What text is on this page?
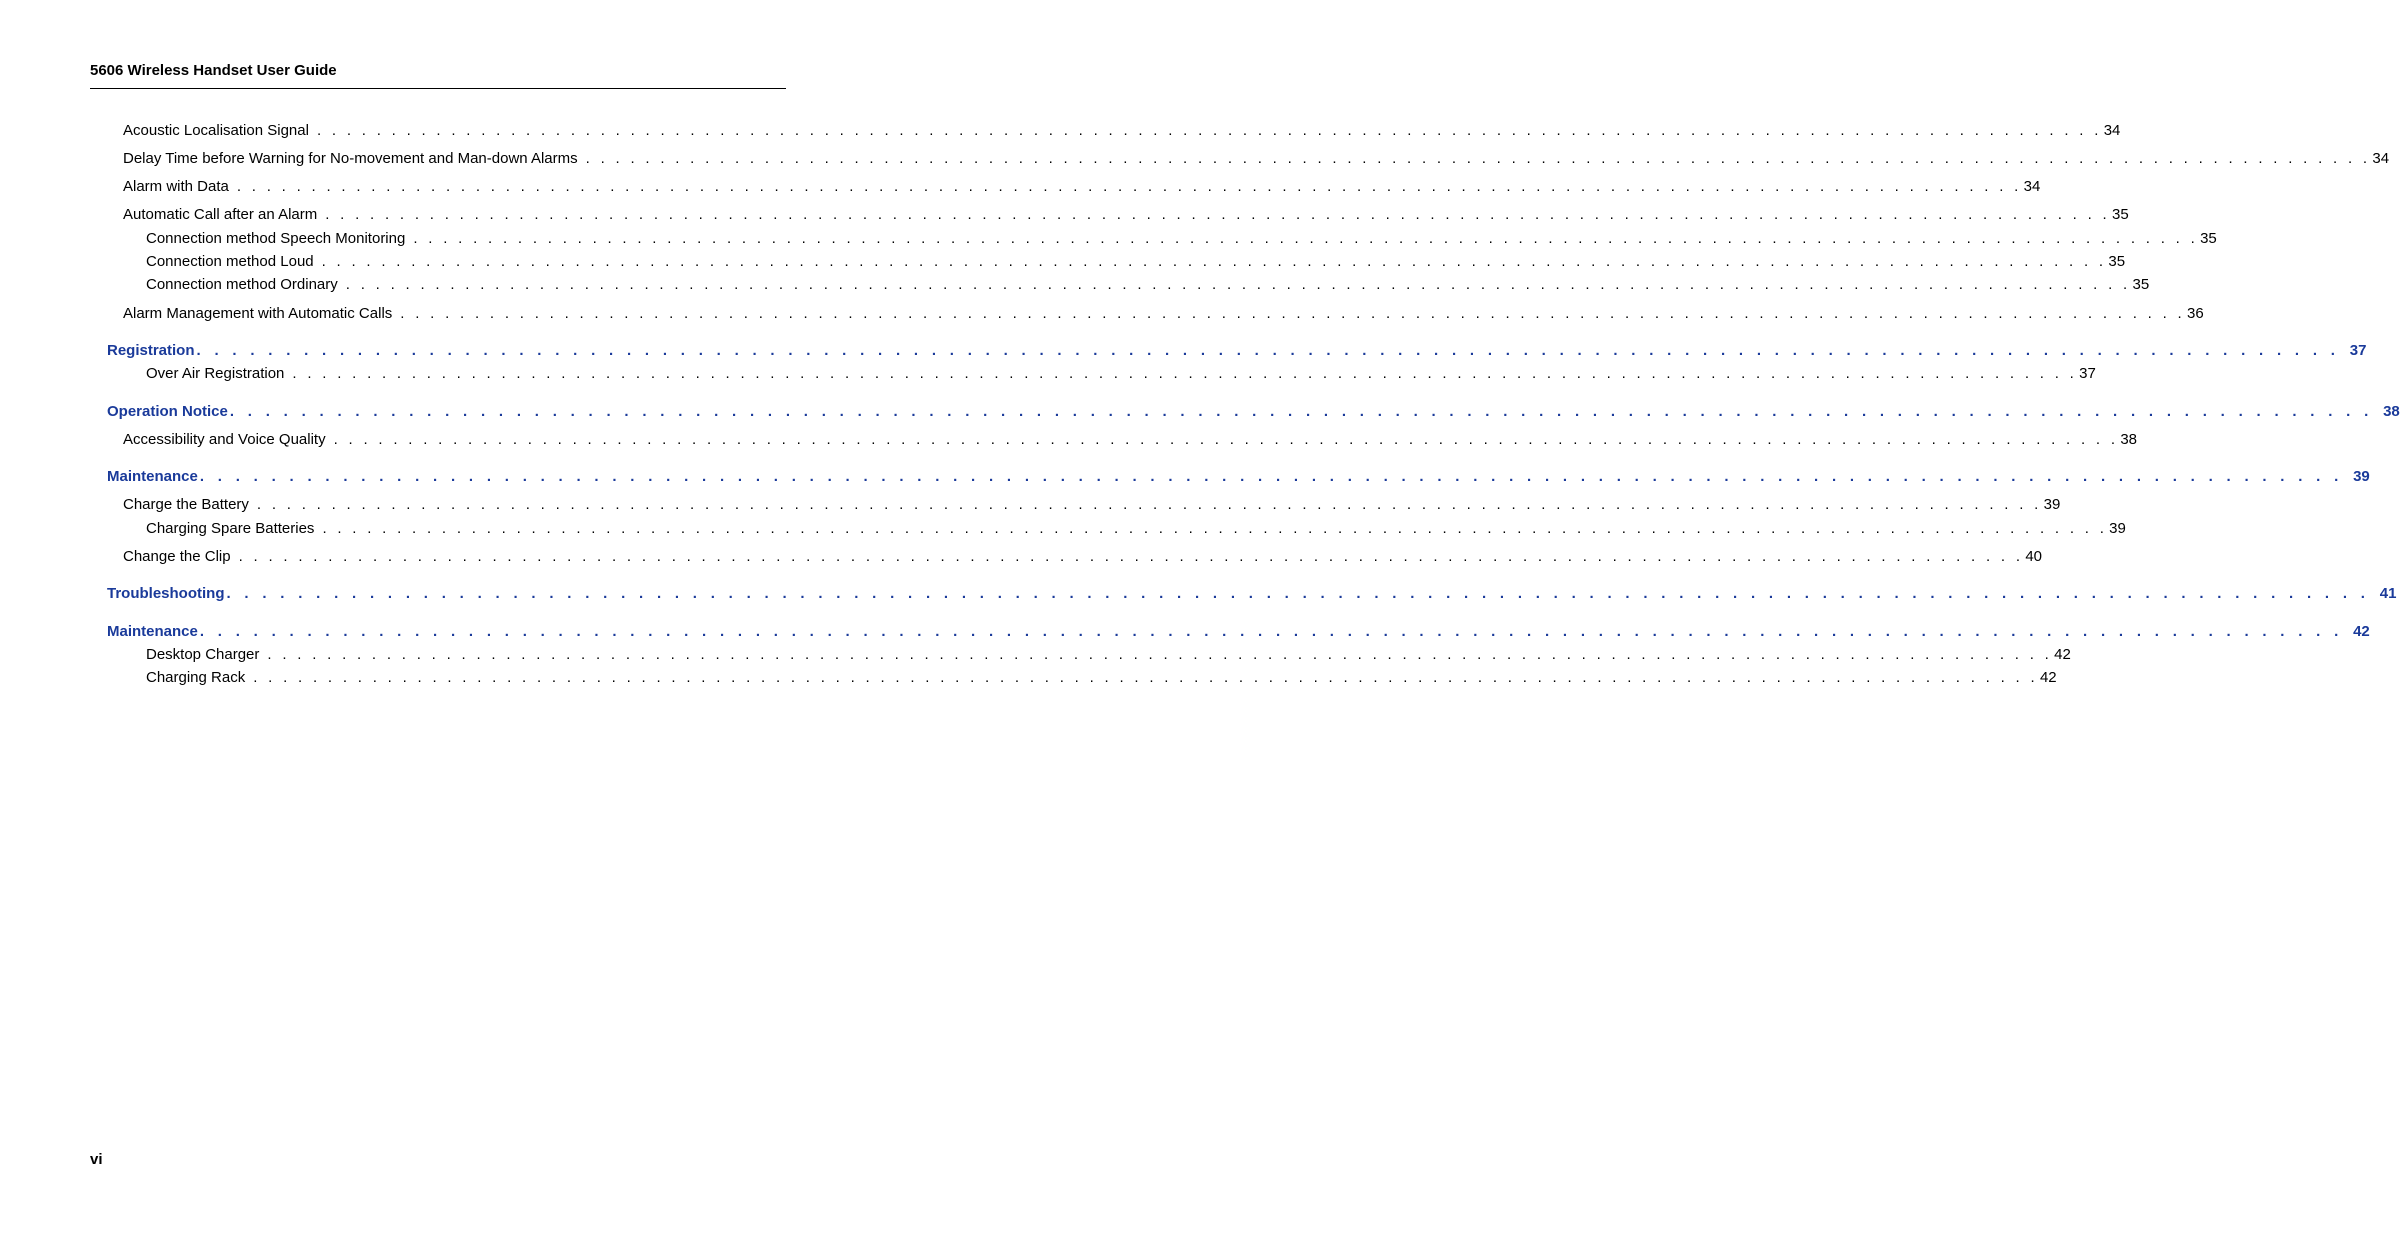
5606 Wireless Handset User Guide
Acoustic Localisation Signal . . . . . . . . . . . . . . . . . . . . . . . . . . . . . . . . . . . . . . . . . . . . . . . . . . . . . . . . . . . . . . . . . . . . . . . . . . . . . . . . . . . . . . . . . . . . . . . . . . . . . . . . . . . . . . . . . . . . . . . . 34
Delay Time before Warning for No-movement and Man-down Alarms . . . . . . . . . . . . . . . . . . . . . . . . . . . . . . . . . . . . . . . . . . . . . . . . . . . . . . . . . . . . . . . . . . . . . . . . . . . . . . . . . . . . . . . . . . . . . . . . . . . . . . . . . . . . . . . . . . . . . . . . 34
Alarm with Data . . . . . . . . . . . . . . . . . . . . . . . . . . . . . . . . . . . . . . . . . . . . . . . . . . . . . . . . . . . . . . . . . . . . . . . . . . . . . . . . . . . . . . . . . . . . . . . . . . . . . . . . . . . . . . . . . . . . . . . . 34
Automatic Call after an Alarm . . . . . . . . . . . . . . . . . . . . . . . . . . . . . . . . . . . . . . . . . . . . . . . . . . . . . . . . . . . . . . . . . . . . . . . . . . . . . . . . . . . . . . . . . . . . . . . . . . . . . . . . . . . . . . . . . . . . . . . . 35
Connection method Speech Monitoring . . . . . . . . . . . . . . . . . . . . . . . . . . . . . . . . . . . . . . . . . . . . . . . . . . . . . . . . . . . . . . . . . . . . . . . . . . . . . . . . . . . . . . . . . . . . . . . . . . . . . . . . . . . . . . . . . . . . . . . . 35
Connection method Loud . . . . . . . . . . . . . . . . . . . . . . . . . . . . . . . . . . . . . . . . . . . . . . . . . . . . . . . . . . . . . . . . . . . . . . . . . . . . . . . . . . . . . . . . . . . . . . . . . . . . . . . . . . . . . . . . . . . . . . . . 35
Connection method Ordinary . . . . . . . . . . . . . . . . . . . . . . . . . . . . . . . . . . . . . . . . . . . . . . . . . . . . . . . . . . . . . . . . . . . . . . . . . . . . . . . . . . . . . . . . . . . . . . . . . . . . . . . . . . . . . . . . . . . . . . . . 35
Alarm Management with Automatic Calls . . . . . . . . . . . . . . . . . . . . . . . . . . . . . . . . . . . . . . . . . . . . . . . . . . . . . . . . . . . . . . . . . . . . . . . . . . . . . . . . . . . . . . . . . . . . . . . . . . . . . . . . . . . . . . . . . . . . . . . . 36
Registration . . . . . . . . . . . . . . . . . . . . . . . . . . . . . . . . . . . . . . . . . . . . . . . . . . . . . . . . . . . . . . . . . . . . . . . . . . . . . . . . . . . . . . . . . . . . . . . . . . . . . . . . . . . . . . . . . . . . . . . . 37
Over Air Registration . . . . . . . . . . . . . . . . . . . . . . . . . . . . . . . . . . . . . . . . . . . . . . . . . . . . . . . . . . . . . . . . . . . . . . . . . . . . . . . . . . . . . . . . . . . . . . . . . . . . . . . . . . . . . . . . . . . . . . . . 37
Operation Notice . . . . . . . . . . . . . . . . . . . . . . . . . . . . . . . . . . . . . . . . . . . . . . . . . . . . . . . . . . . . . . . . . . . . . . . . . . . . . . . . . . . . . . . . . . . . . . . . . . . . . . . . . . . . . . . . . . . . . . . . 38
Accessibility and Voice Quality . . . . . . . . . . . . . . . . . . . . . . . . . . . . . . . . . . . . . . . . . . . . . . . . . . . . . . . . . . . . . . . . . . . . . . . . . . . . . . . . . . . . . . . . . . . . . . . . . . . . . . . . . . . . . . . . . . . . . . . . 38
Maintenance . . . . . . . . . . . . . . . . . . . . . . . . . . . . . . . . . . . . . . . . . . . . . . . . . . . . . . . . . . . . . . . . . . . . . . . . . . . . . . . . . . . . . . . . . . . . . . . . . . . . . . . . . . . . . . . . . . . . . . . . 39
Charge the Battery . . . . . . . . . . . . . . . . . . . . . . . . . . . . . . . . . . . . . . . . . . . . . . . . . . . . . . . . . . . . . . . . . . . . . . . . . . . . . . . . . . . . . . . . . . . . . . . . . . . . . . . . . . . . . . . . . . . . . . . . 39
Charging Spare Batteries . . . . . . . . . . . . . . . . . . . . . . . . . . . . . . . . . . . . . . . . . . . . . . . . . . . . . . . . . . . . . . . . . . . . . . . . . . . . . . . . . . . . . . . . . . . . . . . . . . . . . . . . . . . . . . . . . . . . . . . . 39
Change the Clip . . . . . . . . . . . . . . . . . . . . . . . . . . . . . . . . . . . . . . . . . . . . . . . . . . . . . . . . . . . . . . . . . . . . . . . . . . . . . . . . . . . . . . . . . . . . . . . . . . . . . . . . . . . . . . . . . . . . . . . . 40
Troubleshooting . . . . . . . . . . . . . . . . . . . . . . . . . . . . . . . . . . . . . . . . . . . . . . . . . . . . . . . . . . . . . . . . . . . . . . . . . . . . . . . . . . . . . . . . . . . . . . . . . . . . . . . . . . . . . . . . . . . . . . . . 41
Maintenance . . . . . . . . . . . . . . . . . . . . . . . . . . . . . . . . . . . . . . . . . . . . . . . . . . . . . . . . . . . . . . . . . . . . . . . . . . . . . . . . . . . . . . . . . . . . . . . . . . . . . . . . . . . . . . . . . . . . . . . . 42
Desktop Charger . . . . . . . . . . . . . . . . . . . . . . . . . . . . . . . . . . . . . . . . . . . . . . . . . . . . . . . . . . . . . . . . . . . . . . . . . . . . . . . . . . . . . . . . . . . . . . . . . . . . . . . . . . . . . . . . . . . . . . . . 42
Charging Rack . . . . . . . . . . . . . . . . . . . . . . . . . . . . . . . . . . . . . . . . . . . . . . . . . . . . . . . . . . . . . . . . . . . . . . . . . . . . . . . . . . . . . . . . . . . . . . . . . . . . . . . . . . . . . . . . . . . . . . . . 42
vi
